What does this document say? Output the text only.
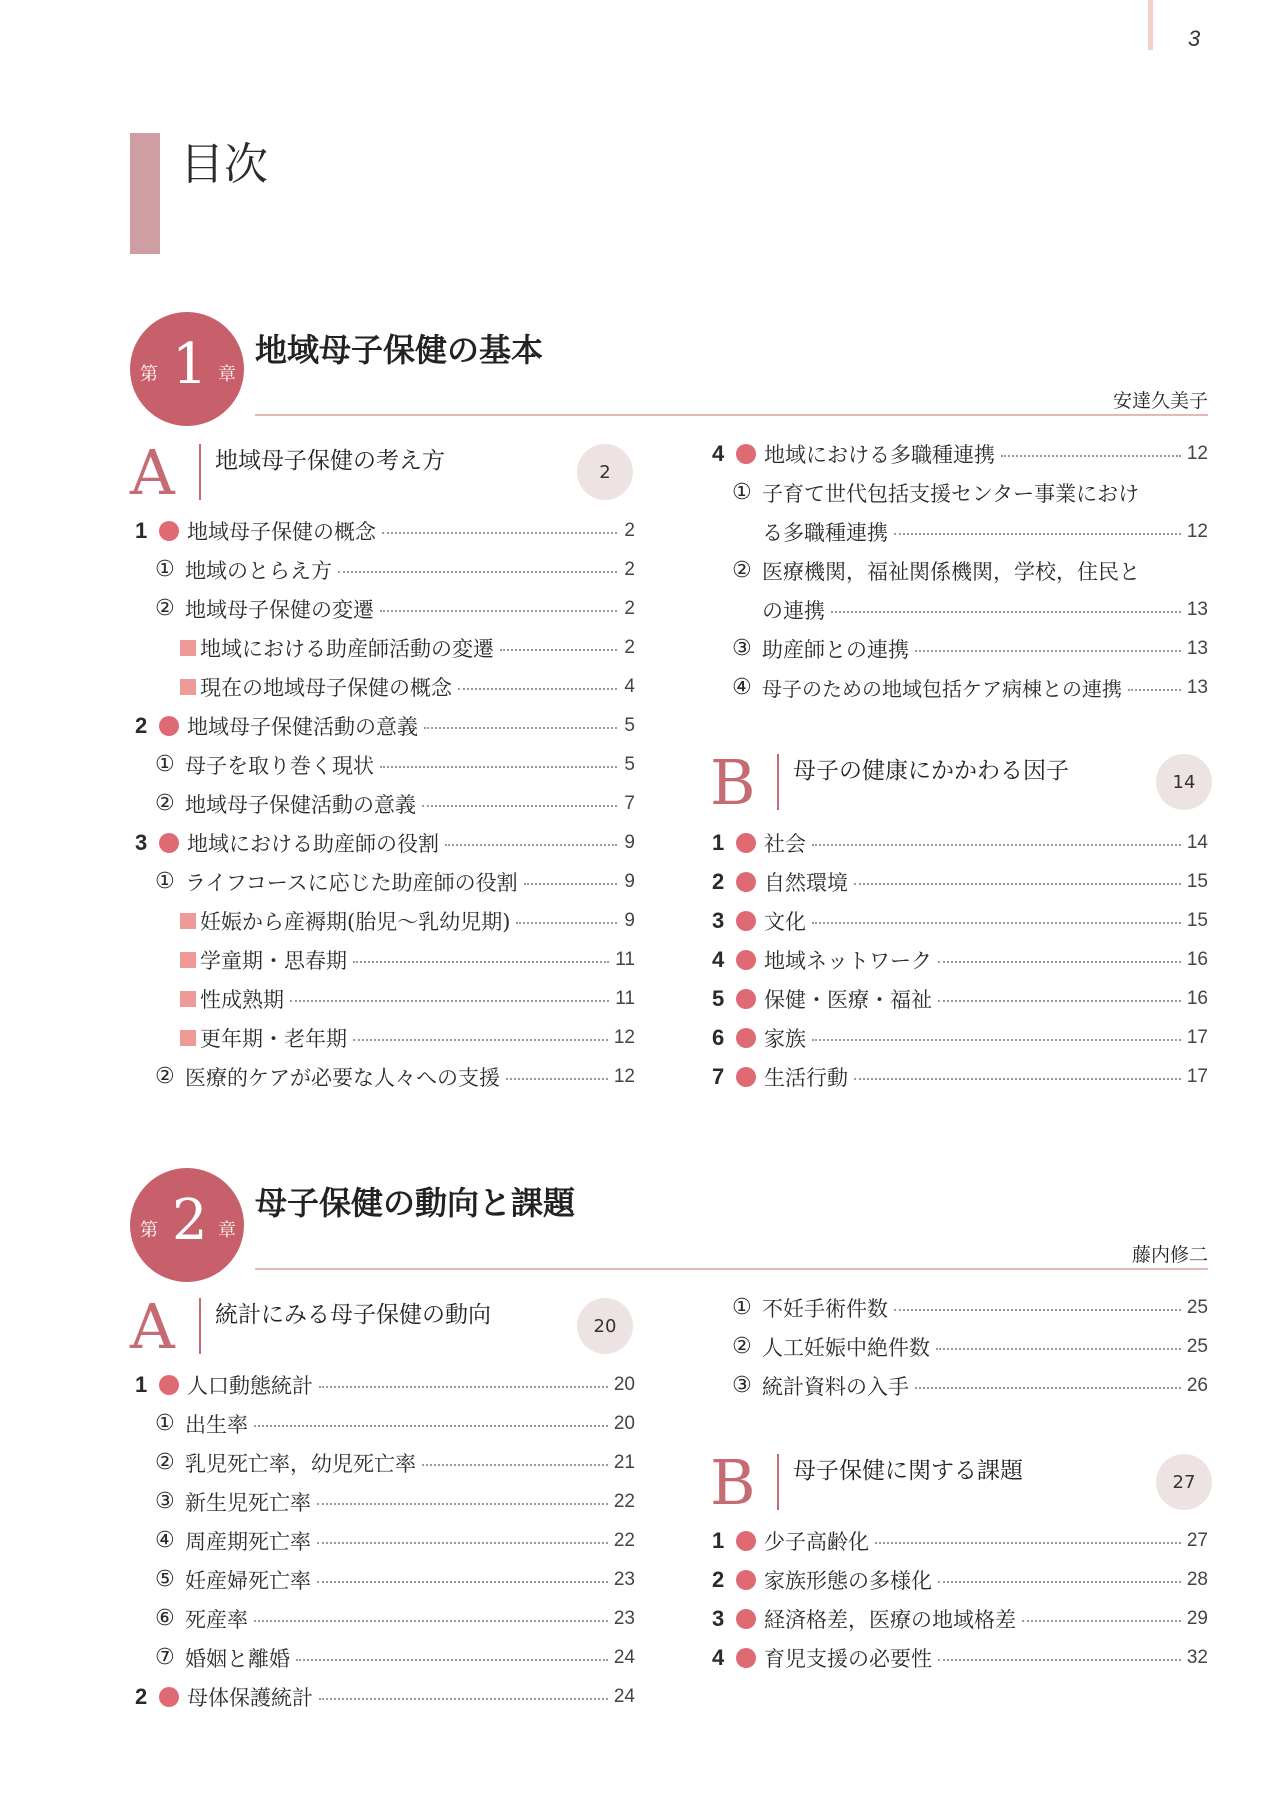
3
目次
第 1 章
地域母子保健の基本
安達久美子
A 地域母子保健の考え方	2
1	地域母子保健の概念	2
① 地域のとらえ方	2
② 地域母子保健の変遷	2
地域における助産師活動の変遷	2
現在の地域母子保健の概念	4
2	地域母子保健活動の意義	5
① 母子を取り巻く現状	5
② 地域母子保健活動の意義	7
3	地域における助産師の役割	9
① ライフコースに応じた助産師の役割	9
妊娠から産褥期(胎児〜乳幼児期)	9
学童期・思春期	11
性成熟期	11
更年期・老年期	12
② 医療的ケアが必要な人々への支援	12
4	地域における多職種連携	12
① 子育て世代包括支援センター事業におけ
る多職種連携	12
② 医療機関，福祉関係機関，学校，住民と
の連携	13
③ 助産師との連携	13
④ 母子のための地域包括ケア病棟との連携	13
B 母子の健康にかかわる因子	14
1	社会	14
2	自然環境	15
3	文化	15
4	地域ネットワーク	16
5	保健・医療・福祉	16
6	家族	17
7	生活行動	17
第 2 章
母子保健の動向と課題
藤内修二
A 統計にみる母子保健の動向	20
1	人口動態統計	20
① 出生率	20
② 乳児死亡率，幼児死亡率	21
③ 新生児死亡率	22
④ 周産期死亡率	22
⑤ 妊産婦死亡率	23
⑥ 死産率	23
⑦ 婚姻と離婚	24
2	母体保護統計	24
① 不妊手術件数	25
② 人工妊娠中絶件数	25
③ 統計資料の入手	26
B 母子保健に関する課題	27
1	少子高齢化	27
2	家族形態の多様化	28
3	経済格差，医療の地域格差	29
4	育児支援の必要性	32
